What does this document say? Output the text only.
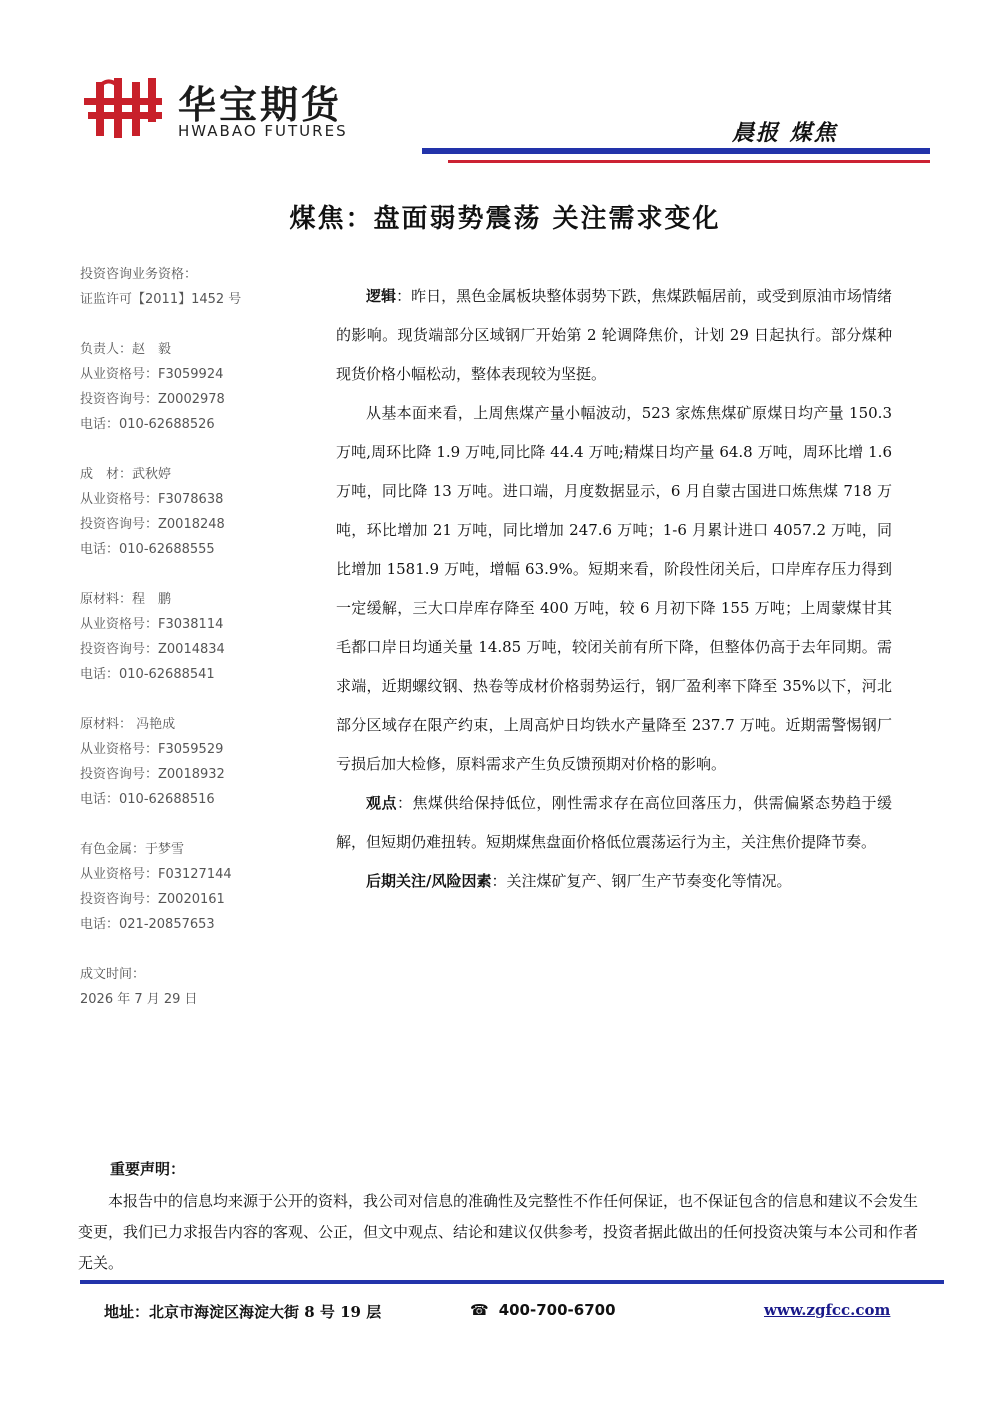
华宝期货
HWABAO FUTURES	晨报 煤焦
煤焦：盘面弱势震荡 关注需求变化
投资咨询业务资格：
证监许可【2011】1452 号
负责人：赵　毅
从业资格号：F3059924
投资咨询号：Z0002978
电话：010-62688526
成　材：武秋婷
从业资格号：F3078638
投资咨询号：Z0018248
电话：010-62688555
原材料：程　鹏
从业资格号：F3038114
投资咨询号：Z0014834
电话：010-62688541
原材料： 冯艳成
从业资格号：F3059529
投资咨询号：Z0018932
电话：010-62688516
有色金属：于梦雪
从业资格号：F03127144
投资咨询号：Z0020161
电话：021-20857653
成文时间：
2026 年 7 月 29 日

逻辑：昨日，黑色金属板块整体弱势下跌，焦煤跌幅居前，或受到原油市场情绪的影响。现货端部分区域钢厂开始第 2 轮调降焦价，计划 29 日起执行。部分煤种现货价格小幅松动，整体表现较为坚挺。

从基本面来看，上周焦煤产量小幅波动，523 家炼焦煤矿原煤日均产量 150.3 万吨,周环比降 1.9 万吨,同比降 44.4 万吨;精煤日均产量 64.8 万吨，周环比增 1.6 万吨，同比降 13 万吨。进口端，月度数据显示，6 月自蒙古国进口炼焦煤 718 万吨，环比增加 21 万吨，同比增加 247.6 万吨；1-6 月累计进口 4057.2 万吨，同比增加 1581.9 万吨，增幅 63.9%。短期来看，阶段性闭关后，口岸库存压力得到一定缓解，三大口岸库存降至 400 万吨，较 6 月初下降 155 万吨；上周蒙煤甘其毛都口岸日均通关量 14.85 万吨，较闭关前有所下降，但整体仍高于去年同期。需求端，近期螺纹钢、热卷等成材价格弱势运行，钢厂盈利率下降至 35%以下，河北部分区域存在限产约束，上周高炉日均铁水产量降至 237.7 万吨。近期需警惕钢厂亏损后加大检修，原料需求产生负反馈预期对价格的影响。

观点：焦煤供给保持低位，刚性需求存在高位回落压力，供需偏紧态势趋于缓解，但短期仍难扭转。短期煤焦盘面价格低位震荡运行为主，关注焦价提降节奏。

后期关注/风险因素：关注煤矿复产、钢厂生产节奏变化等情况。

重要声明：
本报告中的信息均来源于公开的资料，我公司对信息的准确性及完整性不作任何保证，也不保证包含的信息和建议不会发生变更，我们已力求报告内容的客观、公正，但文中观点、结论和建议仅供参考，投资者据此做出的任何投资决策与本公司和作者无关。
地址：北京市海淀区海淀大街 8 号 19 层	☎ 400-700-6700	www.zgfcc.com
